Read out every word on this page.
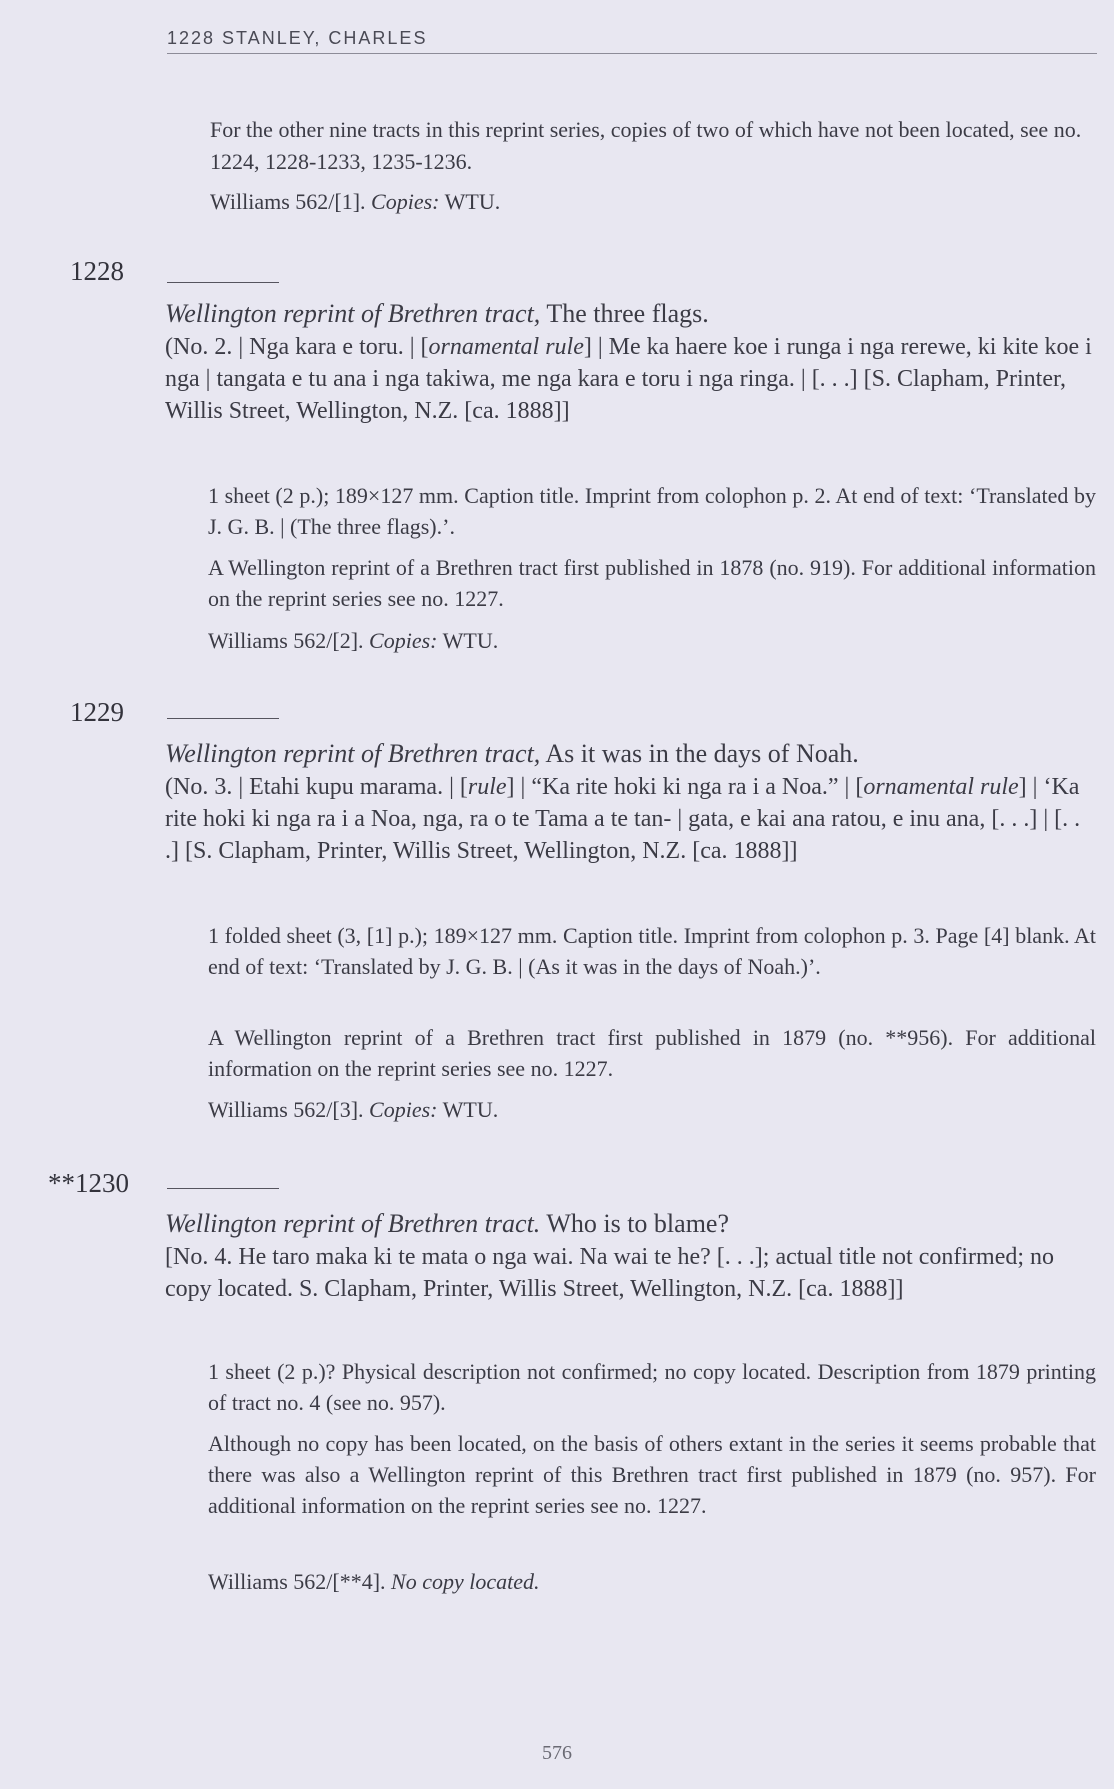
1228 STANLEY, CHARLES
For the other nine tracts in this reprint series, copies of two of which have not been located, see no. 1224, 1228-1233, 1235-1236.
Williams 562/[1]. Copies: WTU.
1228
Wellington reprint of Brethren tract, The three flags.
(No. 2. | Nga kara e toru. | [ornamental rule] | Me ka haere koe i runga i nga rerewe, ki kite koe i nga | tangata e tu ana i nga takiwa, me nga kara e toru i nga ringa. | [. . .] [S. Clapham, Printer, Willis Street, Wellington, N.Z. [ca. 1888]]
1 sheet (2 p.); 189×127 mm. Caption title. Imprint from colophon p. 2. At end of text: ‘Translated by J. G. B. | (The three flags).’.
A Wellington reprint of a Brethren tract first published in 1878 (no. 919). For additional information on the reprint series see no. 1227.
Williams 562/[2]. Copies: WTU.
1229
Wellington reprint of Brethren tract, As it was in the days of Noah.
(No. 3. | Etahi kupu marama. | [rule] | “Ka rite hoki ki nga ra i a Noa.” | [ornamental rule] | ‘Ka rite hoki ki nga ra i a Noa, nga, ra o te Tama a te tan- | gata, e kai ana ratou, e inu ana, [. . .] | [. . .] [S. Clapham, Printer, Willis Street, Wellington, N.Z. [ca. 1888]]
1 folded sheet (3, [1] p.); 189×127 mm. Caption title. Imprint from colophon p. 3. Page [4] blank. At end of text: ‘Translated by J. G. B. | (As it was in the days of Noah.)’.
A Wellington reprint of a Brethren tract first published in 1879 (no. **956). For additional information on the reprint series see no. 1227.
Williams 562/[3]. Copies: WTU.
**1230
Wellington reprint of Brethren tract. Who is to blame?
[No. 4. He taro maka ki te mata o nga wai. Na wai te he? [. . .]; actual title not confirmed; no copy located. S. Clapham, Printer, Willis Street, Wellington, N.Z. [ca. 1888]]
1 sheet (2 p.)? Physical description not confirmed; no copy located. Description from 1879 printing of tract no. 4 (see no. 957).
Although no copy has been located, on the basis of others extant in the series it seems probable that there was also a Wellington reprint of this Brethren tract first published in 1879 (no. 957). For additional information on the reprint series see no. 1227.
Williams 562/[**4]. No copy located.
576
